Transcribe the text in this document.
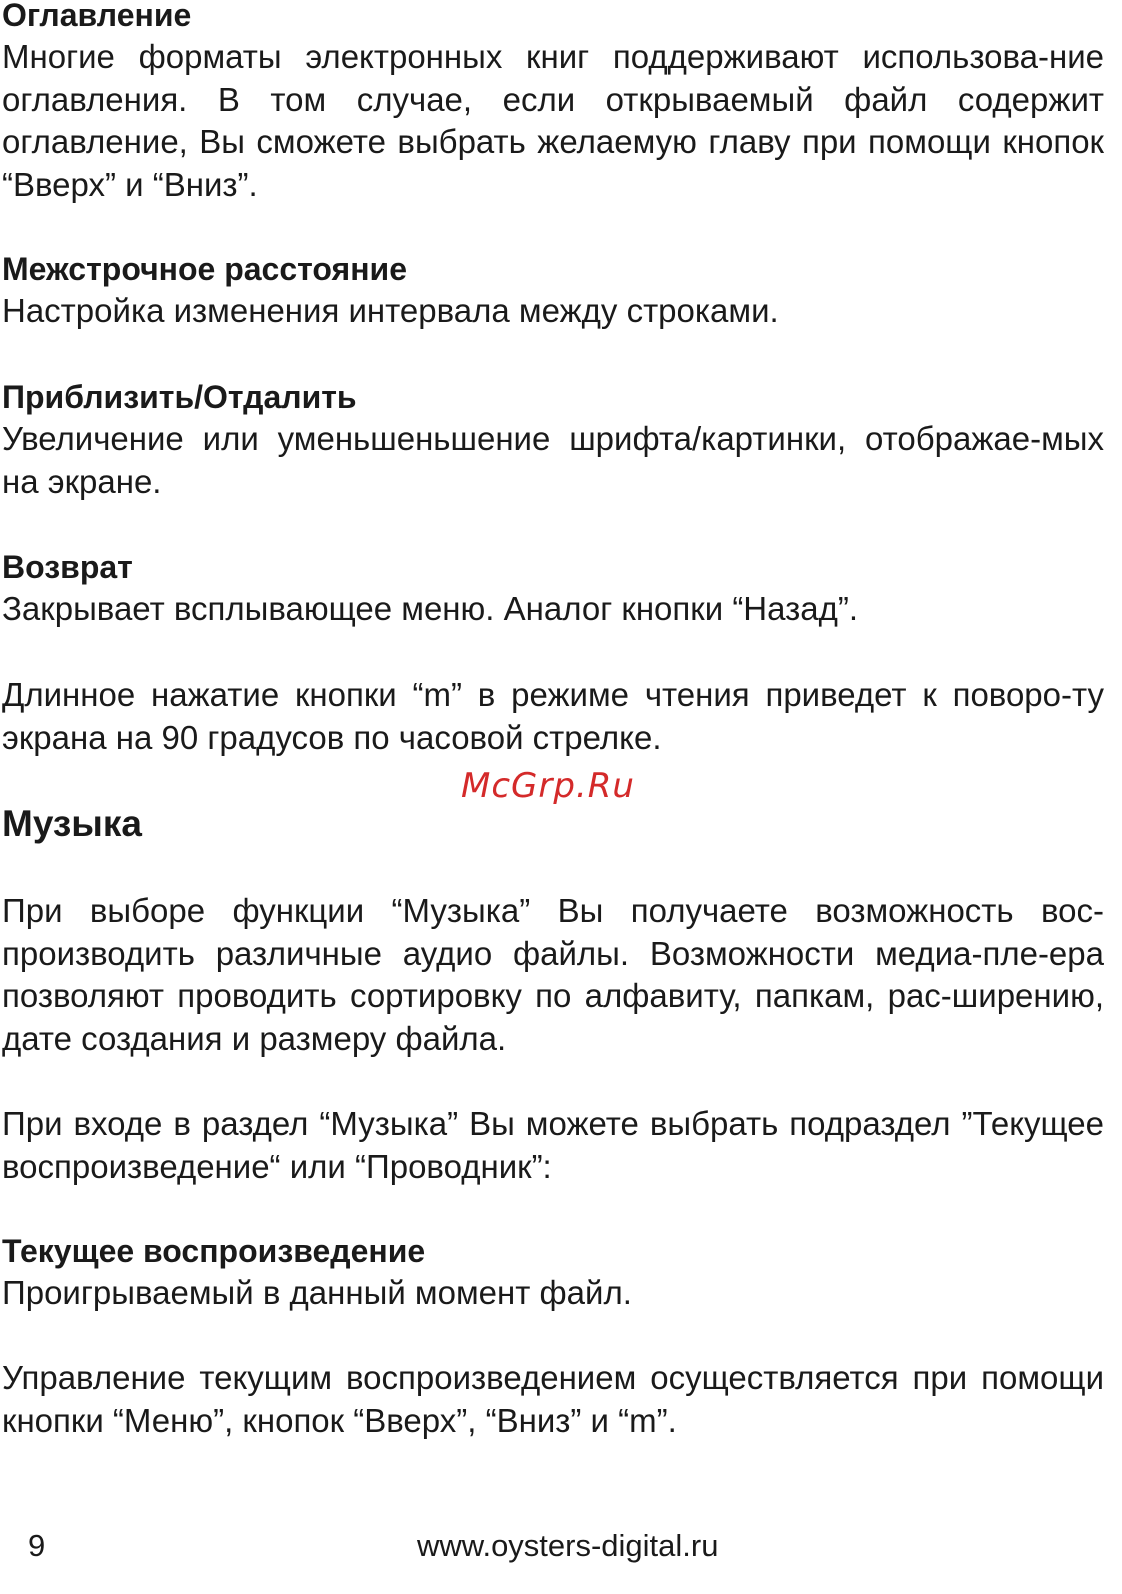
Оглавление

Многие форматы электронных книг поддерживают использова-ние оглавления. В том случае, если открываемый файл содержит оглавление, Вы сможете выбрать желаемую главу при помощи кнопок “Вверх” и “Вниз”.

Межстрочное расстояние

Настройка изменения интервала между строками.

Приблизить/Отдалить

Увеличение или уменьшеньшение шрифта/картинки, отображае-мых на экране.

Возврат

Закрывает всплывающее меню. Аналог кнопки “Назад”.

Длинное нажатие кнопки “m” в режиме чтения приведет к поворо-ту экрана на 90 градусов по часовой стрелке.

McGrp.Ru

Музыка

При выборе функции “Музыка” Вы получаете возможность вос-производить различные аудио файлы. Возможности медиа-пле-ера позволяют проводить сортировку по алфавиту, папкам, рас-ширению, дате создания и размеру файла.

При входе в раздел “Музыка” Вы можете выбрать подраздел ”Текущее воспроизведение“ или “Проводник”:

Текущее воспроизведение

Проигрываемый в данный момент файл.

Управление текущим воспроизведением осуществляется при помощи кнопки “Меню”, кнопок “Вверх”, “Вниз” и “m”.

9	www.oysters-digital.ru
